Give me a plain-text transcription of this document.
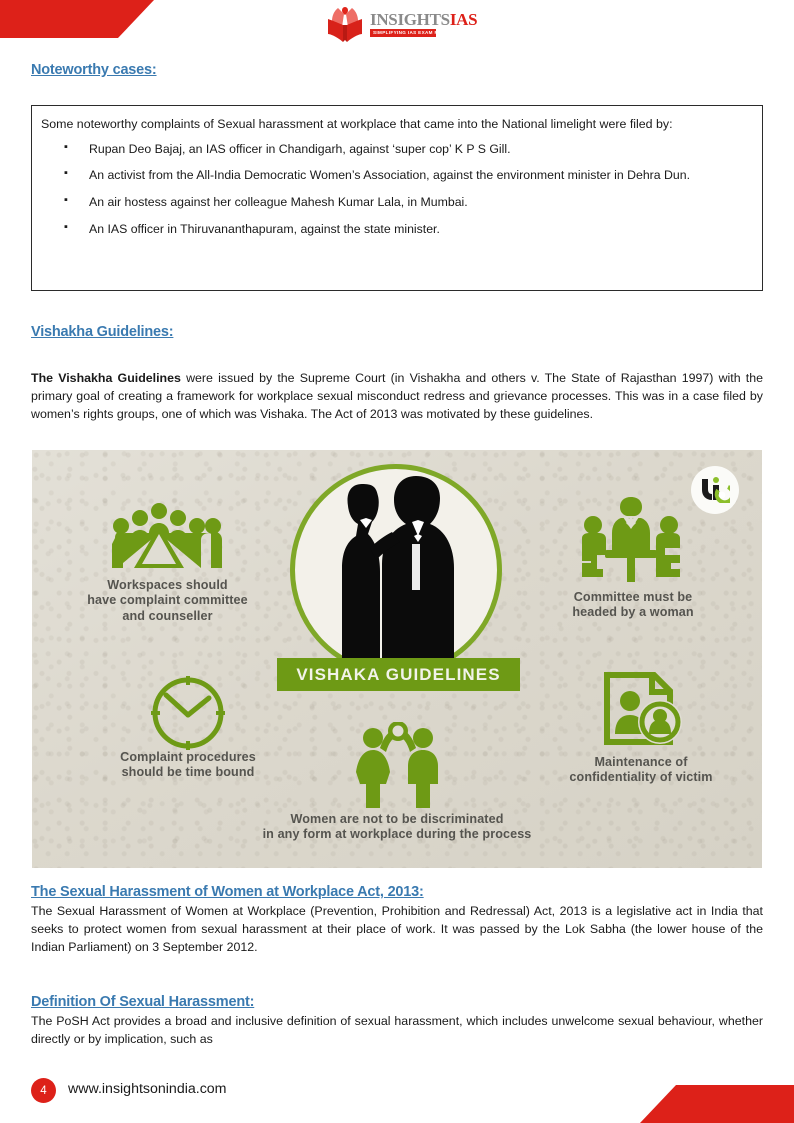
INSIGHTSIAS
SIMPLIFYING IAS EXAM PREPARATION
Noteworthy cases:

Some noteworthy complaints of Sexual harassment at workplace that came into the National limelight were filed by:

▪ Rupan Deo Bajaj, an IAS officer in Chandigarh, against ‘super cop’ K P S Gill.
▪ An activist from the All-India Democratic Women’s Association, against the environment minister in Dehra Dun.
▪ An air hostess against her colleague Mahesh Kumar Lala, in Mumbai.
▪ An IAS officer in Thiruvananthapuram, against the state minister.
Vishakha Guidelines:
The Vishakha Guidelines were issued by the Supreme Court (in Vishakha and others v. The State of Rajasthan 1997) with the primary goal of creating a framework for workplace sexual misconduct redress and grievance processes. This was in a case filed by women’s rights groups, one of which was Vishaka. The Act of 2013 was motivated by these guidelines.
VISHAKA GUIDELINES
Workspaces should
have complaint committee
and counseller
Committee must be
headed by a woman
Complaint procedures
should be time bound
Maintenance of
confidentiality of victim
Women are not to be discriminated
in any form at workplace during the process
The Sexual Harassment of Women at Workplace Act, 2013:
The Sexual Harassment of Women at Workplace (Prevention, Prohibition and Redressal) Act, 2013 is a legislative act in India that seeks to protect women from sexual harassment at their place of work. It was passed by the Lok Sabha (the lower house of the Indian Parliament) on 3 September 2012.
Definition Of Sexual Harassment:
The PoSH Act provides a broad and inclusive definition of sexual harassment, which includes unwelcome sexual behaviour, whether directly or by implication, such as
4	www.insightsonindia.com
